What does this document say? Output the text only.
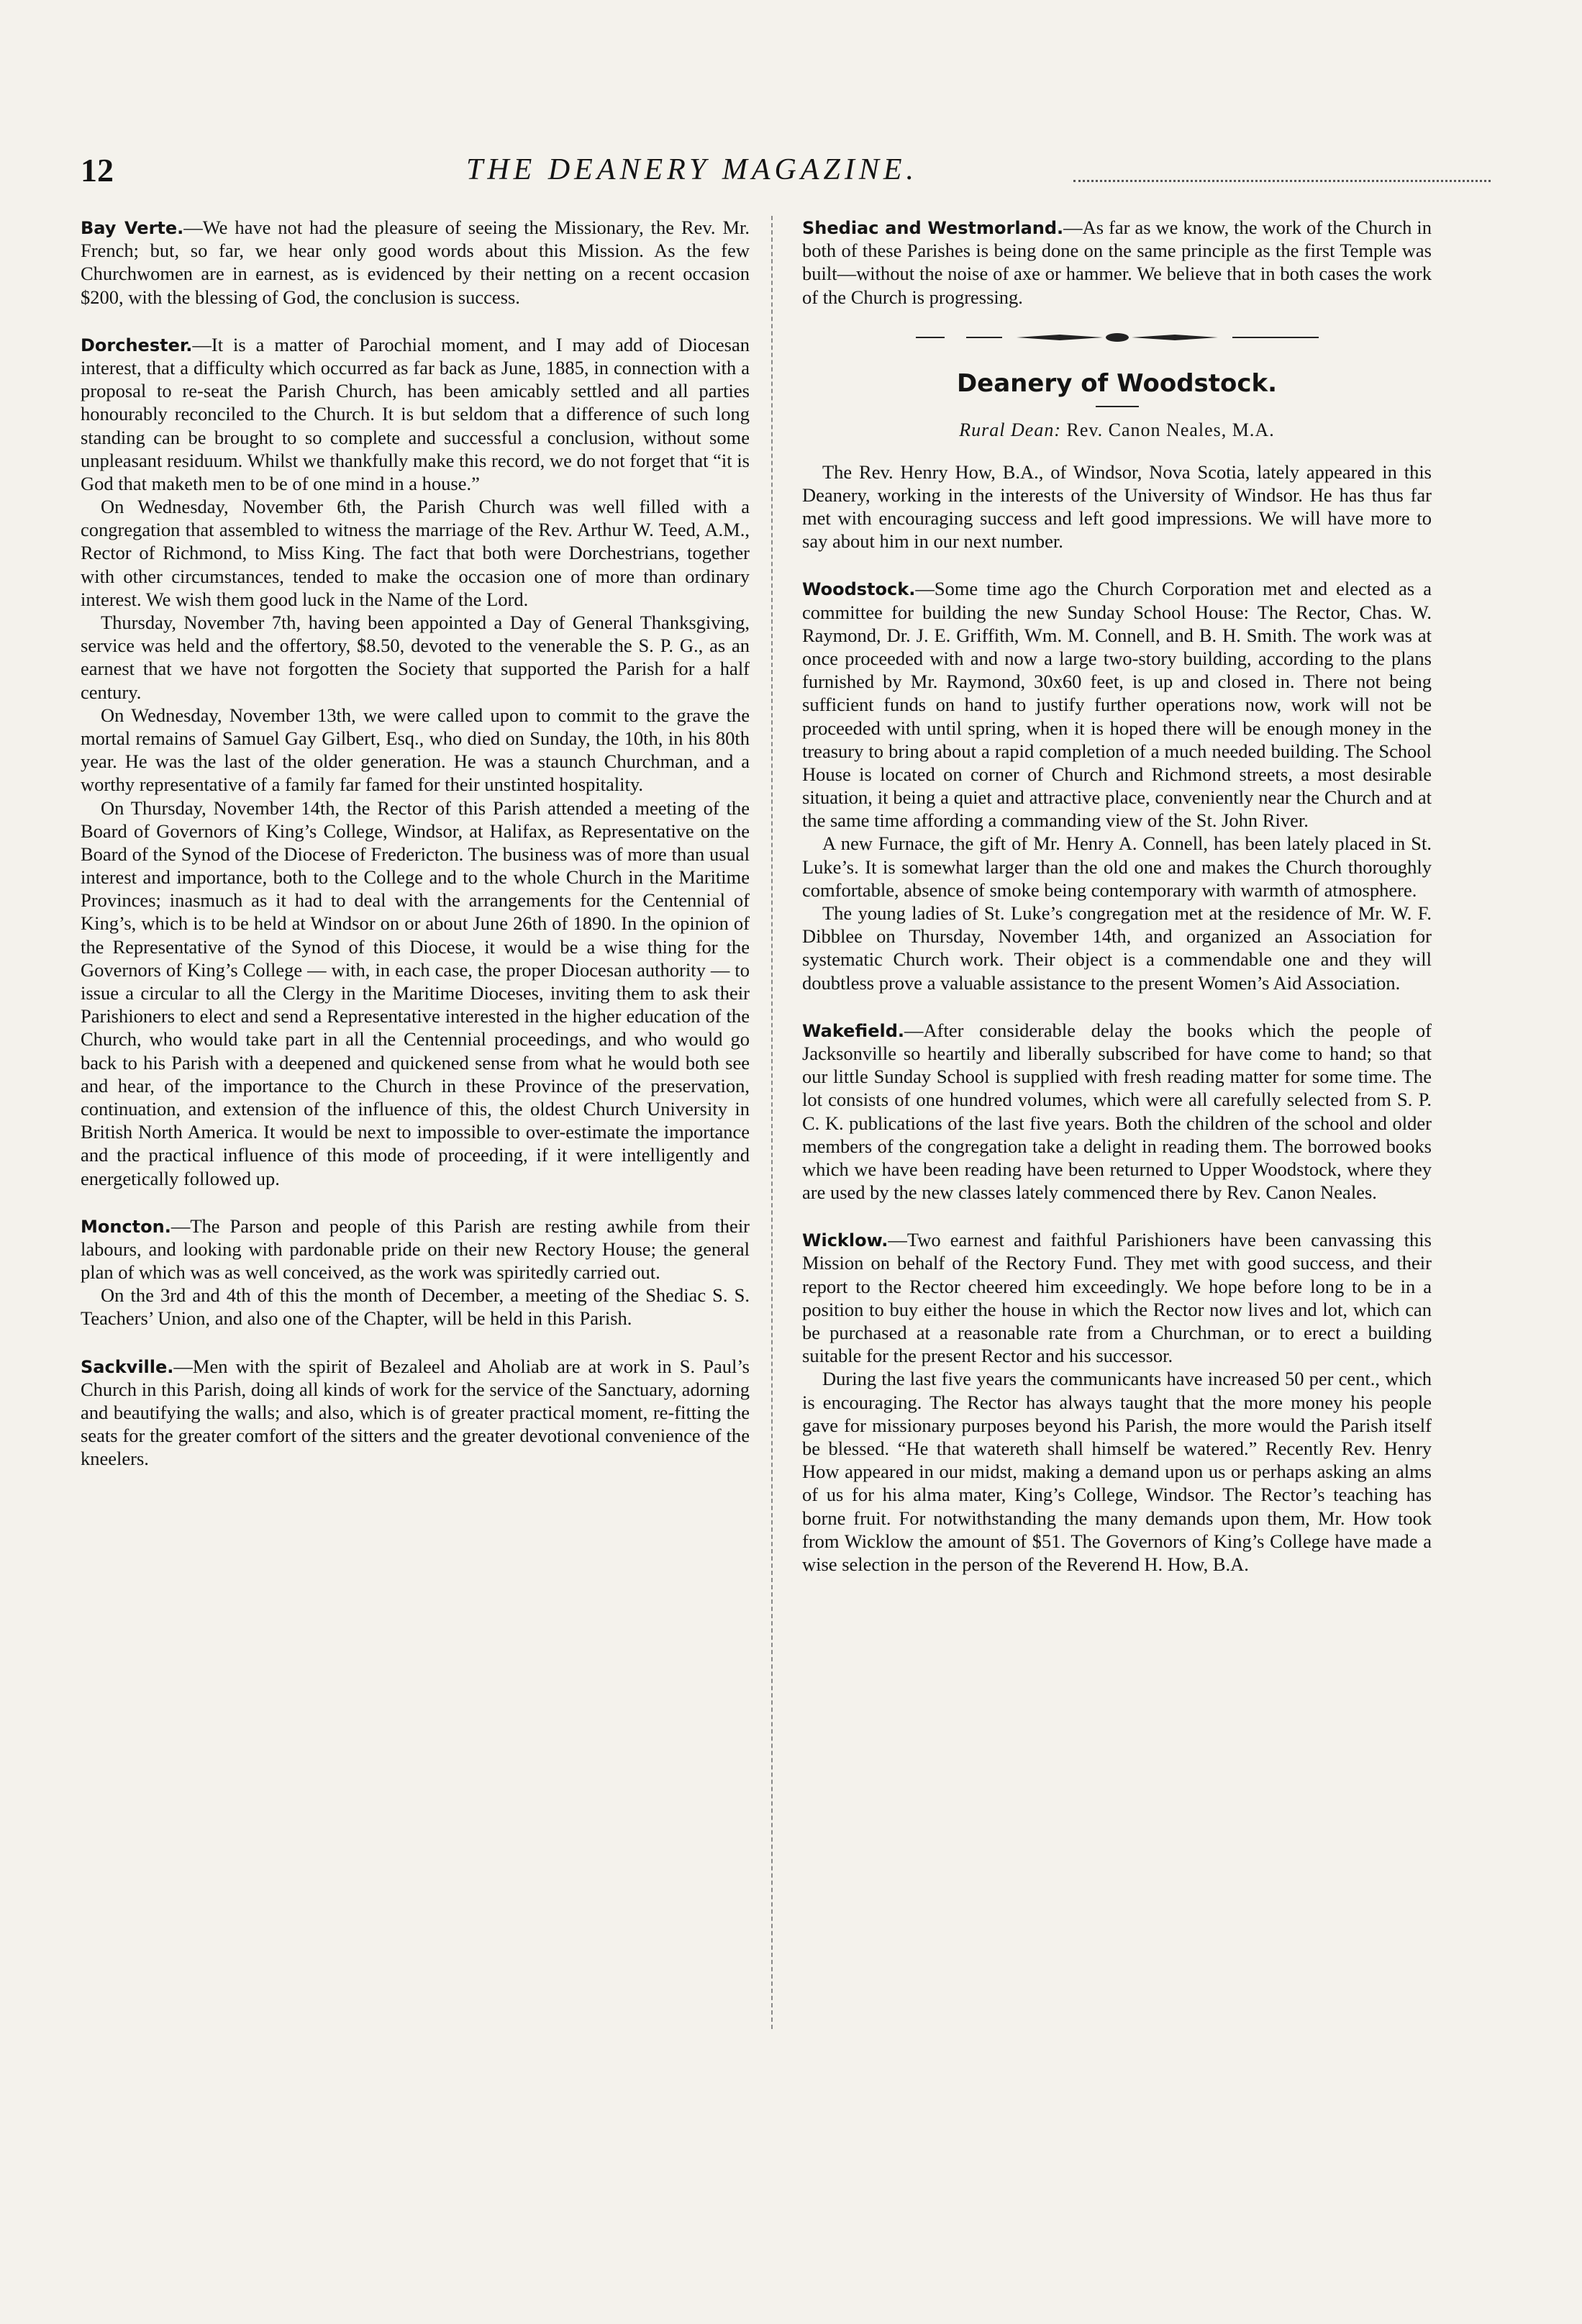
12	THE DEANERY MAGAZINE.

Bay Verte.—We have not had the pleasure of seeing the Missionary, the Rev. Mr. French; but, so far, we hear only good words about this Mission. As the few Churchwomen are in earnest, as is evidenced by their netting on a recent occasion $200, with the blessing of God, the conclusion is success.

Dorchester.—It is a matter of Parochial moment, and I may add of Diocesan interest, that a difficulty which occurred as far back as June, 1885, in connection with a proposal to re-seat the Parish Church, has been amicably settled and all parties honourably reconciled to the Church. It is but seldom that a difference of such long standing can be brought to so complete and successful a conclusion, without some unpleasant residuum. Whilst we thankfully make this record, we do not forget that “it is God that maketh men to be of one mind in a house.”

On Wednesday, November 6th, the Parish Church was well filled with a congregation that assembled to witness the marriage of the Rev. Arthur W. Teed, A.M., Rector of Richmond, to Miss King. The fact that both were Dorchestrians, together with other circumstances, tended to make the occasion one of more than ordinary interest. We wish them good luck in the Name of the Lord.

Thursday, November 7th, having been appointed a Day of General Thanksgiving, service was held and the offertory, $8.50, devoted to the venerable the S. P. G., as an earnest that we have not forgotten the Society that supported the Parish for a half century.

On Wednesday, November 13th, we were called upon to commit to the grave the mortal remains of Samuel Gay Gilbert, Esq., who died on Sunday, the 10th, in his 80th year. He was the last of the older generation. He was a staunch Churchman, and a worthy representative of a family far famed for their unstinted hospitality.

On Thursday, November 14th, the Rector of this Parish attended a meeting of the Board of Governors of King’s College, Windsor, at Halifax, as Representative on the Board of the Synod of the Diocese of Fredericton. The business was of more than usual interest and importance, both to the College and to the whole Church in the Maritime Provinces; inasmuch as it had to deal with the arrangements for the Centennial of King’s, which is to be held at Windsor on or about June 26th of 1890. In the opinion of the Representative of the Synod of this Diocese, it would be a wise thing for the Governors of King’s College — with, in each case, the proper Diocesan authority — to issue a circular to all the Clergy in the Maritime Dioceses, inviting them to ask their Parishioners to elect and send a Representative interested in the higher education of the Church, who would take part in all the Centennial proceedings, and who would go back to his Parish with a deepened and quickened sense from what he would both see and hear, of the importance to the Church in these Province of the preservation, continuation, and extension of the influence of this, the oldest Church University in British North America. It would be next to impossible to over-estimate the importance and the practical influence of this mode of proceeding, if it were intelligently and energetically followed up.

Moncton.—The Parson and people of this Parish are resting awhile from their labours, and looking with pardonable pride on their new Rectory House; the general plan of which was as well conceived, as the work was spiritedly carried out.

On the 3rd and 4th of this the month of December, a meeting of the Shediac S. S. Teachers’ Union, and also one of the Chapter, will be held in this Parish.

Sackville.—Men with the spirit of Bezaleel and Aholiab are at work in S. Paul’s Church in this Parish, doing all kinds of work for the service of the Sanctuary, adorning and beautifying the walls; and also, which is of greater practical moment, re-fitting the seats for the greater comfort of the sitters and the greater devotional convenience of the kneelers.

Shediac and Westmorland.—As far as we know, the work of the Church in both of these Parishes is being done on the same principle as the first Temple was built—without the noise of axe or hammer. We believe that in both cases the work of the Church is progressing.

Deanery of Woodstock.
Rural Dean: Rev. Canon Neales, M.A.

The Rev. Henry How, B.A., of Windsor, Nova Scotia, lately appeared in this Deanery, working in the interests of the University of Windsor. He has thus far met with encouraging success and left good impressions. We will have more to say about him in our next number.

Woodstock.—Some time ago the Church Corporation met and elected as a committee for building the new Sunday School House: The Rector, Chas. W. Raymond, Dr. J. E. Griffith, Wm. M. Connell, and B. H. Smith. The work was at once proceeded with and now a large two-story building, according to the plans furnished by Mr. Raymond, 30x60 feet, is up and closed in. There not being sufficient funds on hand to justify further operations now, work will not be proceeded with until spring, when it is hoped there will be enough money in the treasury to bring about a rapid completion of a much needed building. The School House is located on corner of Church and Richmond streets, a most desirable situation, it being a quiet and attractive place, conveniently near the Church and at the same time affording a commanding view of the St. John River.

A new Furnace, the gift of Mr. Henry A. Connell, has been lately placed in St. Luke’s. It is somewhat larger than the old one and makes the Church thoroughly comfortable, absence of smoke being contemporary with warmth of atmosphere.

The young ladies of St. Luke’s congregation met at the residence of Mr. W. F. Dibblee on Thursday, November 14th, and organized an Association for systematic Church work. Their object is a commendable one and they will doubtless prove a valuable assistance to the present Women’s Aid Association.

Wakefield.—After considerable delay the books which the people of Jacksonville so heartily and liberally subscribed for have come to hand; so that our little Sunday School is supplied with fresh reading matter for some time. The lot consists of one hundred volumes, which were all carefully selected from S. P. C. K. publications of the last five years. Both the children of the school and older members of the congregation take a delight in reading them. The borrowed books which we have been reading have been returned to Upper Woodstock, where they are used by the new classes lately commenced there by Rev. Canon Neales.

Wicklow.—Two earnest and faithful Parishioners have been canvassing this Mission on behalf of the Rectory Fund. They met with good success, and their report to the Rector cheered him exceedingly. We hope before long to be in a position to buy either the house in which the Rector now lives and lot, which can be purchased at a reasonable rate from a Churchman, or to erect a building suitable for the present Rector and his successor.

During the last five years the communicants have increased 50 per cent., which is encouraging. The Rector has always taught that the more money his people gave for missionary purposes beyond his Parish, the more would the Parish itself be blessed. “He that watereth shall himself be watered.” Recently Rev. Henry How appeared in our midst, making a demand upon us or perhaps asking an alms of us for his alma mater, King’s College, Windsor. The Rector’s teaching has borne fruit. For notwithstanding the many demands upon them, Mr. How took from Wicklow the amount of $51. The Governors of King’s College have made a wise selection in the person of the Reverend H. How, B.A.
